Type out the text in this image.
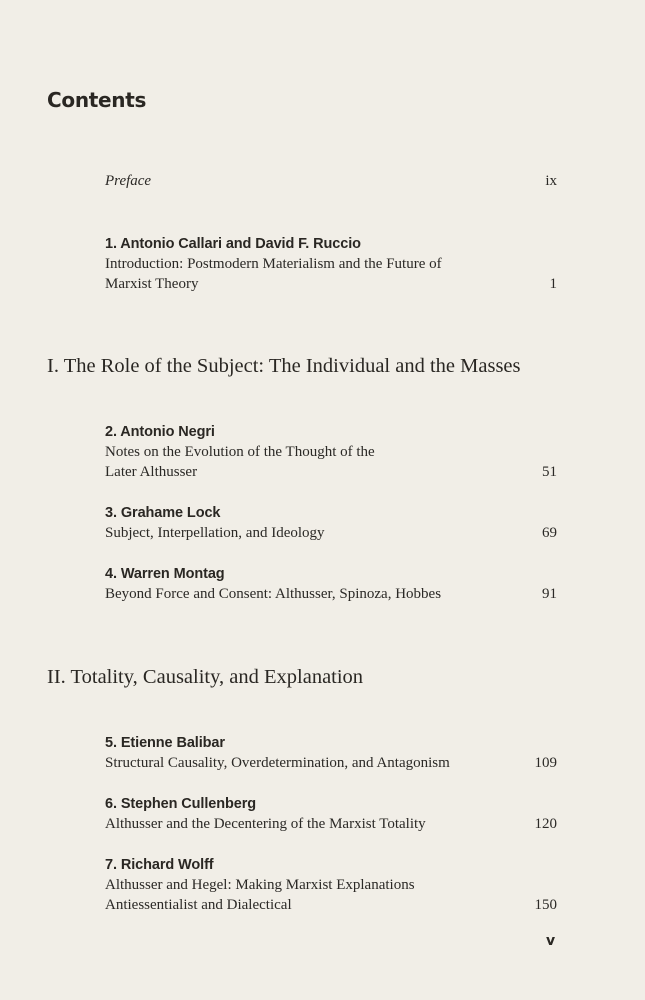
Contents
Preface	ix
1. Antonio Callari and David F. Ruccio
Introduction: Postmodern Materialism and the Future of
Marxist Theory	1
I. The Role of the Subject: The Individual and the Masses
2. Antonio Negri
Notes on the Evolution of the Thought of the
Later Althusser	51
3. Grahame Lock
Subject, Interpellation, and Ideology	69
4. Warren Montag
Beyond Force and Consent: Althusser, Spinoza, Hobbes	91
II. Totality, Causality, and Explanation
5. Etienne Balibar
Structural Causality, Overdetermination, and Antagonism	109
6. Stephen Cullenberg
Althusser and the Decentering of the Marxist Totality	120
7. Richard Wolff
Althusser and Hegel: Making Marxist Explanations
Antiessentialist and Dialectical	150
v
